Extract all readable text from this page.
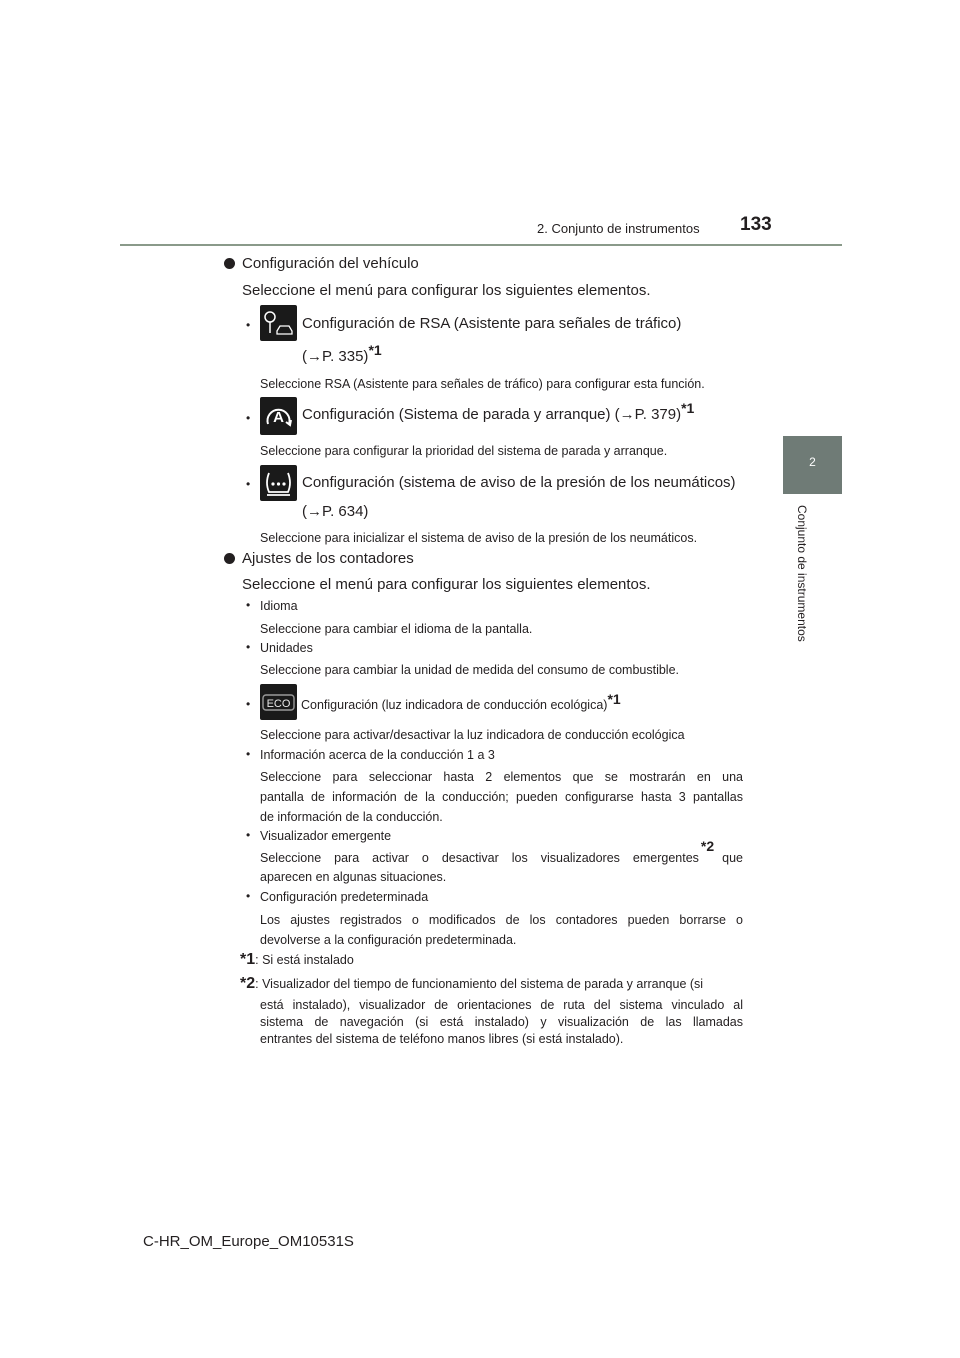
2. Conjunto de instrumentos 133
2
Conjunto de instrumentos
Configuración del vehículo
Seleccione el menú para configurar los siguientes elementos.
•	Configuración de RSA (Asistente para señales de tráfico)
(→P. 335)$^{*1}$
Seleccione RSA (Asistente para señales de tráfico) para configurar esta función.
• A Configuración (Sistema de parada y arranque) (→P. 379)$^{*1}$
Seleccione para configurar la prioridad del sistema de parada y arranque.
•	Configuración (sistema de aviso de la presión de los neumáticos)
(→P. 634)
Seleccione para inicializar el sistema de aviso de la presión de los neumáticos.
Ajustes de los contadores
Seleccione el menú para configurar los siguientes elementos.
• Idioma
Seleccione para cambiar el idioma de la pantalla.
• Unidades
Seleccione para cambiar la unidad de medida del consumo de combustible.
• ECO Configuración (luz indicadora de conducción ecológica)$^{*1}$
Seleccione para activar/desactivar la luz indicadora de conducción ecológica
• Información acerca de la conducción 1 a 3
Seleccione para seleccionar hasta 2 elementos que se mostrarán en una
pantalla de información de la conducción; pueden configurarse hasta 3 pantallas
de información de la conducción.
• Visualizador emergente
Seleccione para activar o desactivar los visualizadores emergentes
$^{*2}$
que
aparecen en algunas situaciones.
• Configuración predeterminada
Los ajustes registrados o modificados de los contadores pueden borrarse o
devolverse a la configuración predeterminada.
*1: Si está instalado
*2: Visualizador del tiempo de funcionamiento del sistema de parada y arranque (si
está instalado), visualizador de orientaciones de ruta del sistema vinculado al
sistema de navegación (si está instalado) y visualización de las llamadas
entrantes del sistema de teléfono manos libres (si está instalado).
C-HR_OM_Europe_OM10531S
